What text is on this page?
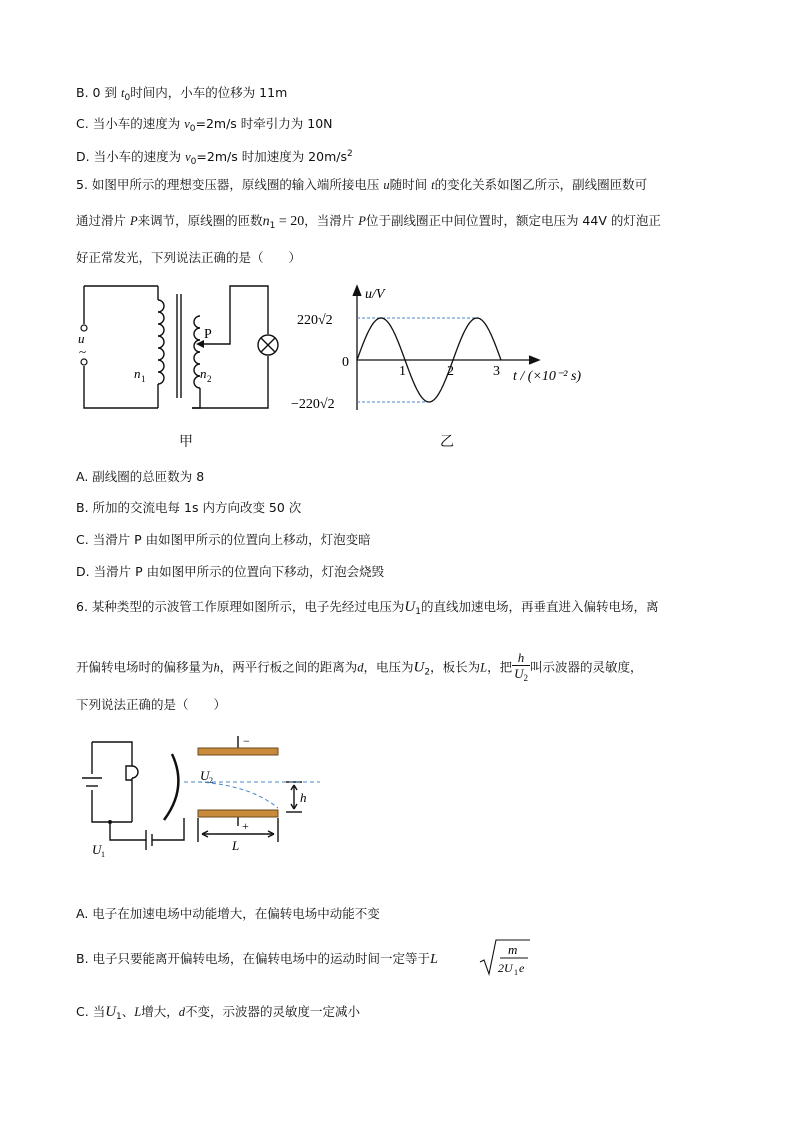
B. 0 到 $t_0$时间内，小车的位移为 11m
C. 当小车的速度为 $v_0=2m/s$ 时牵引力为 10N
D. 当小车的速度为 $v_0=2m/s$ 时加速度为 $20m/s^2$
5. 如图甲所示的理想变压器，原线圈的输入端所接电压 u随时间 t的变化关系如图乙所示，副线圈匝数可
通过滑片 P来调节，原线圈的匝数$n_1 = 20$，当滑片 P位于副线圈正中间位置时，额定电压为 44V 的灯泡正
好正常发光，下列说法正确的是（　　）
u
~
P
n 1	n 2
甲
u/V
220√2
−220√2
0
1	2	3 t / (×10⁻² s)
乙
A. 副线圈的总匝数为 8
B. 所加的交流电每 1s 内方向改变 50 次
C. 当滑片 P 由如图甲所示的位置向上移动，灯泡变暗
D. 当滑片 P 由如图甲所示的位置向下移动，灯泡会烧毁
6. 某种类型的示波管工作原理如图所示，电子先经过电压为$U_1$的直线加速电场，再垂直进入偏转电场，离
开偏转电场时的偏移量为h，两平行板之间的距离为d，电压为$U_2$，板长为L，把 $\frac{h}{U_2}$ 叫示波器的灵敏度，
下列说法正确的是（　　）
−
+
U 2
h
L
U 1
A. 电子在加速电场中动能增大，在偏转电场中动能不变
B. 电子只要能离开偏转电场，在偏转电场中的运动时间一定等于L
m
2U 1 e
C. 当$U_1$、L增大，d不变，示波器的灵敏度一定减小
